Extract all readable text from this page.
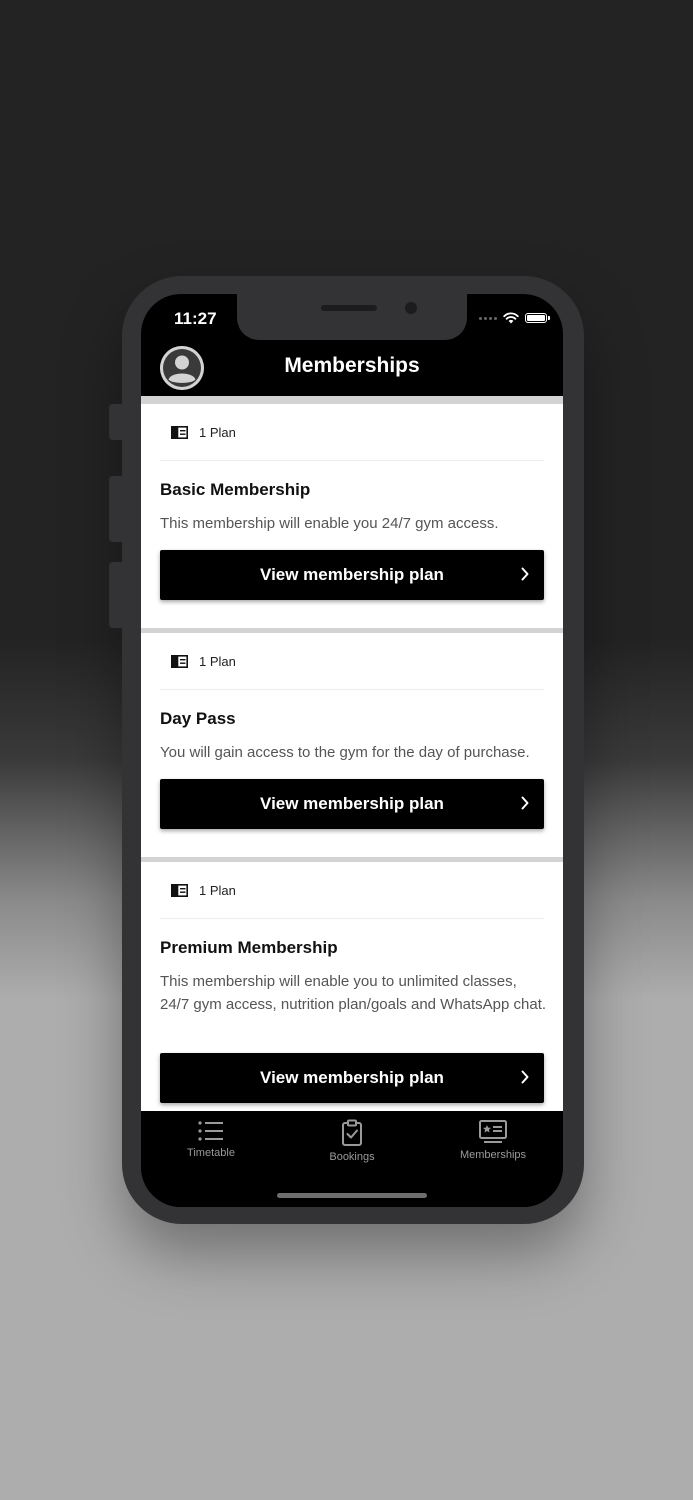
11:27
Memberships
1 Plan
Basic Membership
This membership will enable you 24/7 gym access.
View membership plan
1 Plan
Day Pass
You will gain access to the gym for the day of purchase.
View membership plan
1 Plan
Premium Membership
This membership will enable you to unlimited classes, 24/7 gym access, nutrition plan/goals and WhatsApp chat.
View membership plan
Timetable	Bookings	Memberships
